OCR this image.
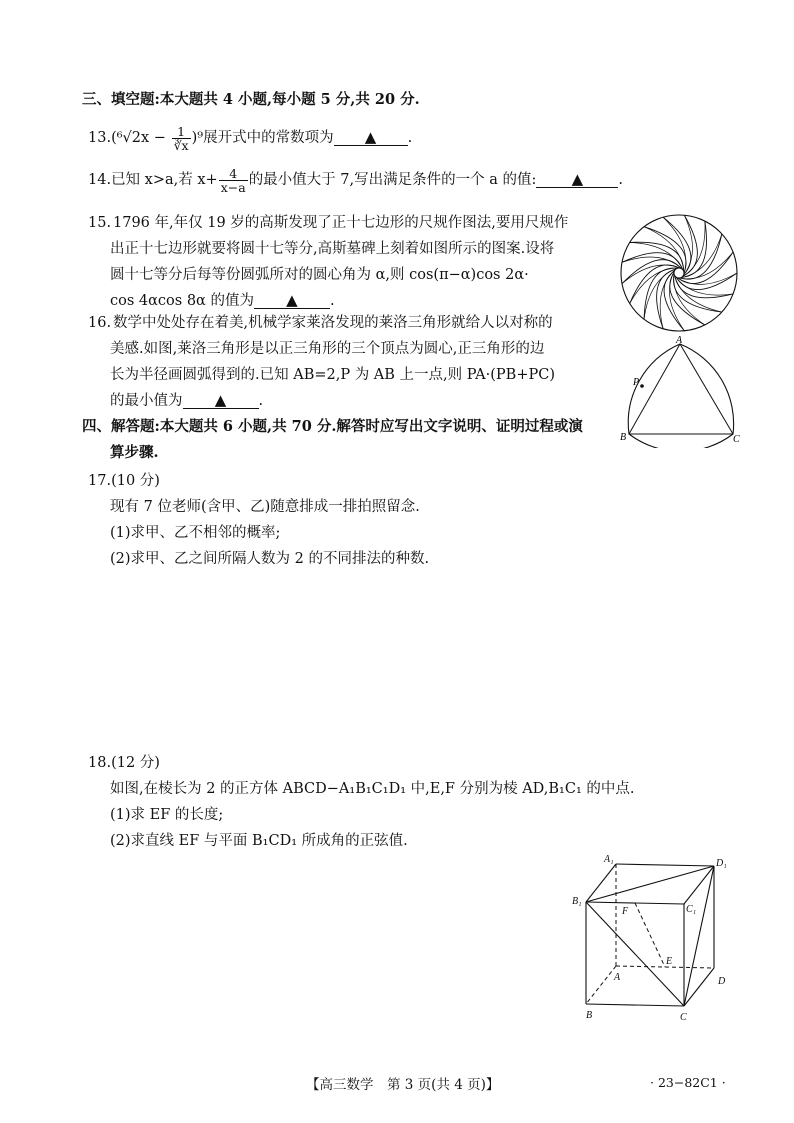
三、填空题:本大题共 4 小题,每小题 5 分,共 20 分.
$13.(^6√2x - \frac{1}{∛x} )^9$展开式中的常数项为 ▲ .
14.已知 x>a,若 $x+ \frac{4}{x-a}$ 的最小值大于 7,写出满足条件的一个 a 的值: ▲ .
15. 1796 年,年仅 19 岁的高斯发现了正十七边形的尺规作图法,要用尺规作
出正十七边形就要将圆十七等分,高斯墓碑上刻着如图所示的图案.设将
圆十七等分后每等份圆弧所对的圆心角为 α,则 cos(π−α)cos 2α·
cos 4αcos 8α 的值为 ▲ .
16. 数学中处处存在着美,机械学家莱洛发现的莱洛三角形就给人以对称的
美感.如图,莱洛三角形是以正三角形的三个顶点为圆心,正三角形的边
长为半径画圆弧得到的.已知 AB=2,P 为 AB 上一点,则 PA·(PB+PC)
的最小值为 ▲ .
A
P
B	C
四、解答题:本大题共 6 小题,共 70 分.解答时应写出文字说明、证明过程或演
算步骤.
17.(10 分)
现有 7 位老师(含甲、乙)随意排成一排拍照留念.
(1)求甲、乙不相邻的概率;
(2)求甲、乙之间所隔人数为 2 的不同排法的种数.
18.(12 分)
如图,在棱长为 2 的正方体 ABCD−A₁B₁C₁D₁ 中,E,F 分别为棱 AD,B₁C₁ 的中点.
(1)求 EF 的长度;
(2)求直线 EF 与平面 B₁CD₁ 所成角的正弦值.
A₁	D₁
B₁
F	C₁
E
A	D
B	C
【高三数学　第 3 页(共 4 页)】	· 23−82C1 ·
